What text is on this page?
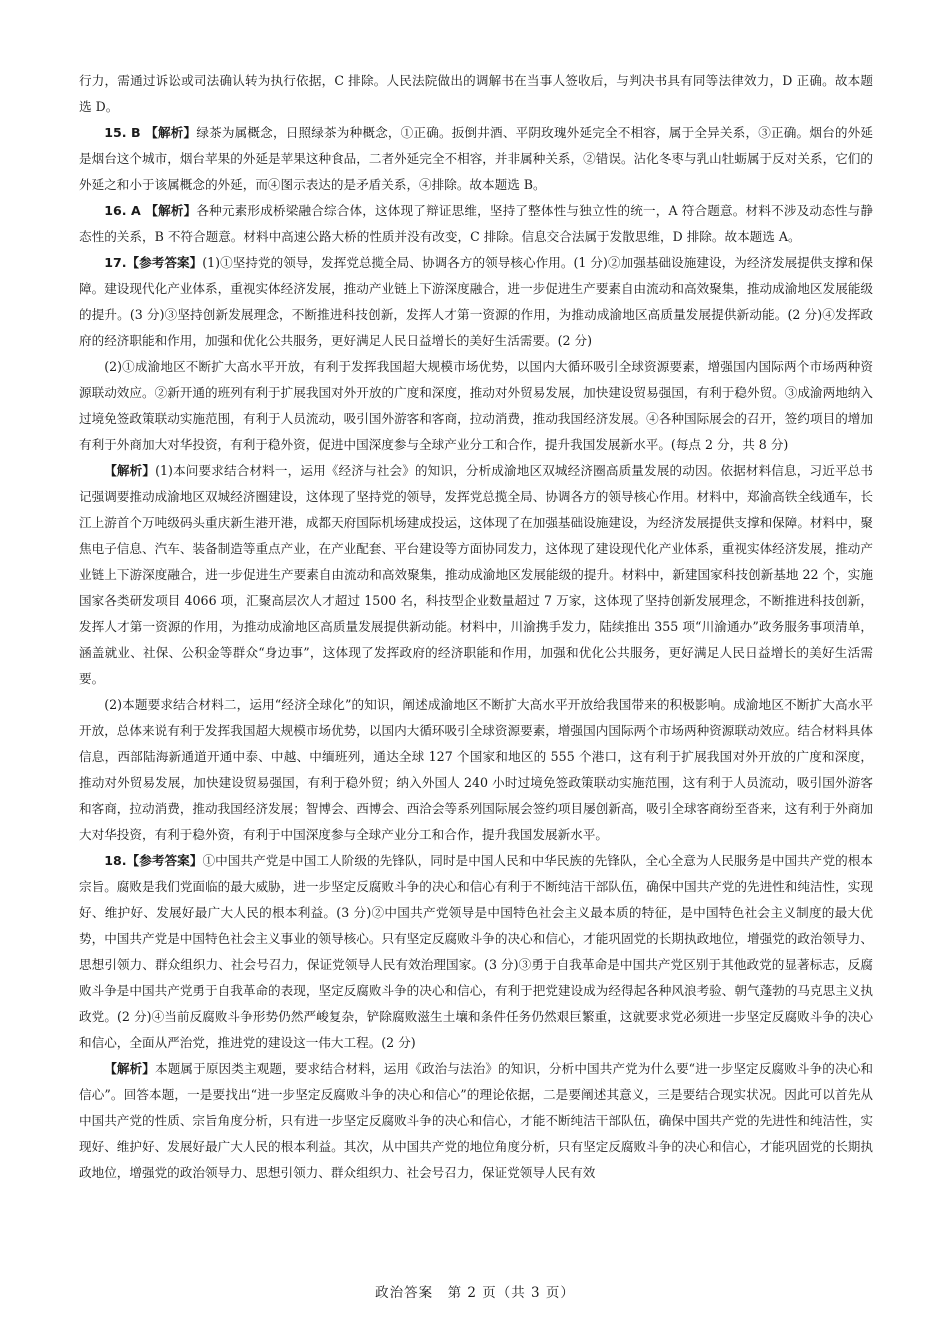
行力，需通过诉讼或司法确认转为执行依据，C 排除。人民法院做出的调解书在当事人签收后，与判决书具有同等法律效力，D 正确。故本题选 D。

15. B 【解析】绿茶为属概念，日照绿茶为种概念，①正确。扳倒井酒、平阴玫瑰外延完全不相容，属于全异关系，③正确。烟台的外延是烟台这个城市，烟台苹果的外延是苹果这种食品，二者外延完全不相容，并非属种关系，②错误。沾化冬枣与乳山牡蛎属于反对关系，它们的外延之和小于该属概念的外延，而④图示表达的是矛盾关系，④排除。故本题选 B。

16. A 【解析】各种元素形成桥梁融合综合体，这体现了辩证思维，坚持了整体性与独立性的统一，A 符合题意。材料不涉及动态性与静态性的关系，B 不符合题意。材料中高速公路大桥的性质并没有改变，C 排除。信息交合法属于发散思维，D 排除。故本题选 A。

17.【参考答案】(1)①坚持党的领导，发挥党总揽全局、协调各方的领导核心作用。(1 分)②加强基础设施建设，为经济发展提供支撑和保障。建设现代化产业体系，重视实体经济发展，推动产业链上下游深度融合，进一步促进生产要素自由流动和高效聚集，推动成渝地区发展能级的提升。(3 分)③坚持创新发展理念，不断推进科技创新，发挥人才第一资源的作用，为推动成渝地区高质量发展提供新动能。(2 分)④发挥政府的经济职能和作用，加强和优化公共服务，更好满足人民日益增长的美好生活需要。(2 分)

(2)①成渝地区不断扩大高水平开放，有利于发挥我国超大规模市场优势，以国内大循环吸引全球资源要素，增强国内国际两个市场两种资源联动效应。②新开通的班列有利于扩展我国对外开放的广度和深度，推动对外贸易发展，加快建设贸易强国，有利于稳外贸。③成渝两地纳入过境免签政策联动实施范围，有利于人员流动，吸引国外游客和客商，拉动消费，推动我国经济发展。④各种国际展会的召开，签约项目的增加有利于外商加大对华投资，有利于稳外资，促进中国深度参与全球产业分工和合作，提升我国发展新水平。(每点 2 分，共 8 分)

【解析】(1)本问要求结合材料一，运用《经济与社会》的知识，分析成渝地区双城经济圈高质量发展的动因。依据材料信息，习近平总书记强调要推动成渝地区双城经济圈建设，这体现了坚持党的领导，发挥党总揽全局、协调各方的领导核心作用。材料中，郑渝高铁全线通车，长江上游首个万吨级码头重庆新生港开港，成都天府国际机场建成投运，这体现了在加强基础设施建设，为经济发展提供支撑和保障。材料中，聚焦电子信息、汽车、装备制造等重点产业，在产业配套、平台建设等方面协同发力，这体现了建设现代化产业体系，重视实体经济发展，推动产业链上下游深度融合，进一步促进生产要素自由流动和高效聚集，推动成渝地区发展能级的提升。材料中，新建国家科技创新基地 22 个，实施国家各类研发项目 4066 项，汇聚高层次人才超过 1500 名，科技型企业数量超过 7 万家，这体现了坚持创新发展理念，不断推进科技创新，发挥人才第一资源的作用，为推动成渝地区高质量发展提供新动能。材料中，川渝携手发力，陆续推出 355 项“川渝通办”政务服务事项清单，涵盖就业、社保、公积金等群众“身边事”，这体现了发挥政府的经济职能和作用，加强和优化公共服务，更好满足人民日益增长的美好生活需要。

(2)本题要求结合材料二，运用“经济全球化”的知识，阐述成渝地区不断扩大高水平开放给我国带来的积极影响。成渝地区不断扩大高水平开放，总体来说有利于发挥我国超大规模市场优势，以国内大循环吸引全球资源要素，增强国内国际两个市场两种资源联动效应。结合材料具体信息，西部陆海新通道开通中泰、中越、中缅班列，通达全球 127 个国家和地区的 555 个港口，这有利于扩展我国对外开放的广度和深度，推动对外贸易发展，加快建设贸易强国，有利于稳外贸；纳入外国人 240 小时过境免签政策联动实施范围，这有利于人员流动，吸引国外游客和客商，拉动消费，推动我国经济发展；智博会、西博会、西洽会等系列国际展会签约项目屡创新高，吸引全球客商纷至沓来，这有利于外商加大对华投资，有利于稳外资，有利于中国深度参与全球产业分工和合作，提升我国发展新水平。

18.【参考答案】①中国共产党是中国工人阶级的先锋队，同时是中国人民和中华民族的先锋队，全心全意为人民服务是中国共产党的根本宗旨。腐败是我们党面临的最大威胁，进一步坚定反腐败斗争的决心和信心有利于不断纯洁干部队伍，确保中国共产党的先进性和纯洁性，实现好、维护好、发展好最广大人民的根本利益。(3 分)②中国共产党领导是中国特色社会主义最本质的特征，是中国特色社会主义制度的最大优势，中国共产党是中国特色社会主义事业的领导核心。只有坚定反腐败斗争的决心和信心，才能巩固党的长期执政地位，增强党的政治领导力、思想引领力、群众组织力、社会号召力，保证党领导人民有效治理国家。(3 分)③勇于自我革命是中国共产党区别于其他政党的显著标志，反腐败斗争是中国共产党勇于自我革命的表现，坚定反腐败斗争的决心和信心，有利于把党建设成为经得起各种风浪考验、朝气蓬勃的马克思主义执政党。(2 分)④当前反腐败斗争形势仍然严峻复杂，铲除腐败滋生土壤和条件任务仍然艰巨繁重，这就要求党必须进一步坚定反腐败斗争的决心和信心，全面从严治党，推进党的建设这一伟大工程。(2 分)

【解析】本题属于原因类主观题，要求结合材料，运用《政治与法治》的知识，分析中国共产党为什么要“进一步坚定反腐败斗争的决心和信心”。回答本题，一是要找出“进一步坚定反腐败斗争的决心和信心”的理论依据，二是要阐述其意义，三是要结合现实状况。因此可以首先从中国共产党的性质、宗旨角度分析，只有进一步坚定反腐败斗争的决心和信心，才能不断纯洁干部队伍，确保中国共产党的先进性和纯洁性，实现好、维护好、发展好最广大人民的根本利益。其次，从中国共产党的地位角度分析，只有坚定反腐败斗争的决心和信心，才能巩固党的长期执政地位，增强党的政治领导力、思想引领力、群众组织力、社会号召力，保证党领导人民有效

政治答案　第 2 页（共 3 页）
